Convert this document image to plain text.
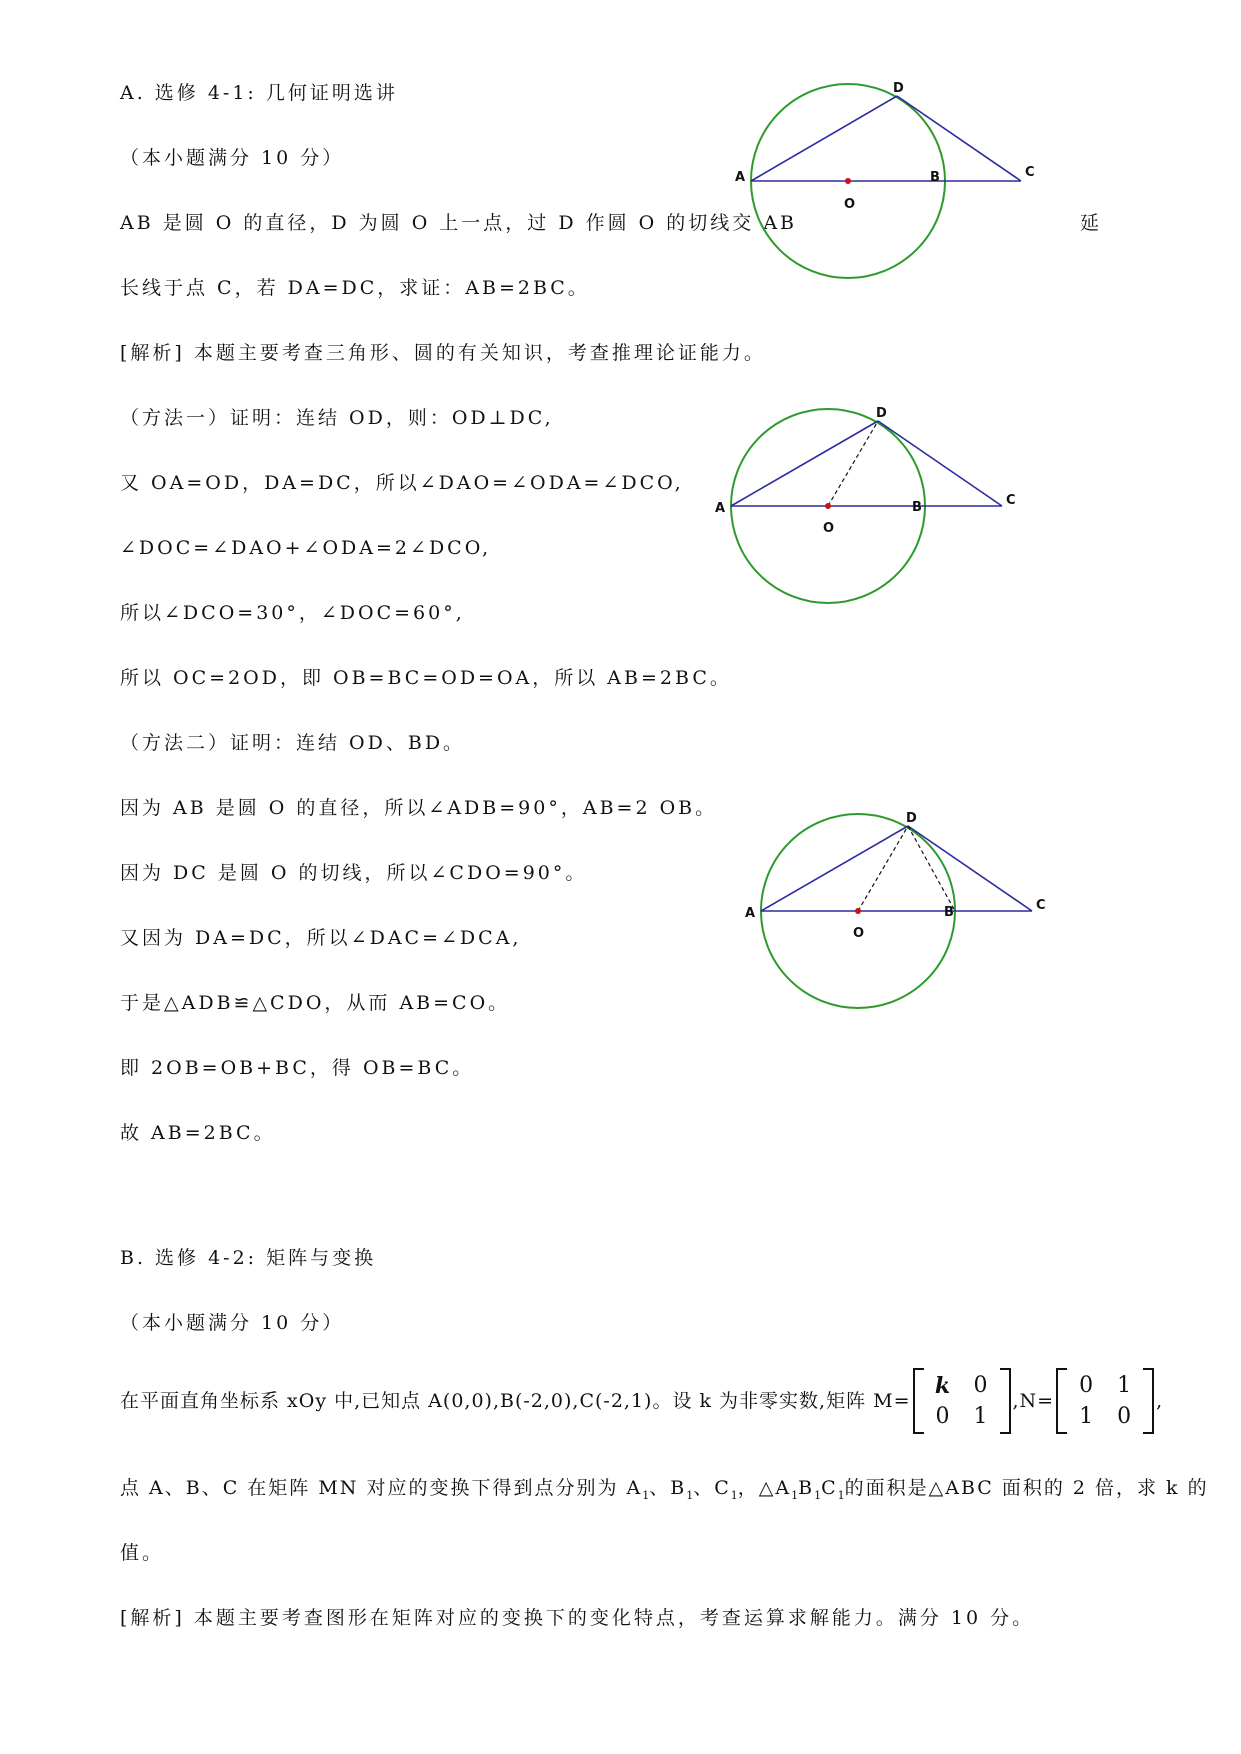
A. 选修 4-1: 几何证明选讲
（本小题满分 10 分）
AB 是圆 O 的直径，D 为圆 O 上一点，过 D 作圆 O 的切线交 AB	延
长线于点 C，若 DA=DC，求证：AB=2BC。
[解析] 本题主要考查三角形、圆的有关知识，考查推理论证能力。
（方法一）证明：连结 OD，则：OD⊥DC,
又 OA=OD，DA=DC，所以∠DAO=∠ODA=∠DCO,
∠DOC=∠DAO+∠ODA=2∠DCO,
所以∠DCO=30°，∠DOC=60°,
所以 OC=2OD，即 OB=BC=OD=OA，所以 AB=2BC。
（方法二）证明：连结 OD、BD。
因为 AB 是圆 O 的直径，所以∠ADB=90°，AB=2 OB。
因为 DC 是圆 O 的切线，所以∠CDO=90°。
又因为 DA=DC，所以∠DAC=∠DCA,
于是△ADB≌△CDO，从而 AB=CO。
即 2OB=OB+BC，得 OB=BC。
故 AB=2BC。
A	B	C
D
O
A	B	C
D
O
A	B	C
D
O
B. 选修 4-2: 矩阵与变换
（本小题满分 10 分）
在平面直角坐标系 xOy 中,已知点 A(0,0),B(-2,0),C(-2,1)。设 k 为非零实数,矩阵 M=
k	0
0	1
,N=
0	1
1	0
,
点 A、B、C 在矩阵 MN 对应的变换下得到点分别为 $A_1$、$B_1$、$C_1$，$\triangle A_1B_1C_1$的面积是△ABC 面积的 2 倍，求 k 的
值。
[解析] 本题主要考查图形在矩阵对应的变换下的变化特点，考查运算求解能力。满分 10 分。
